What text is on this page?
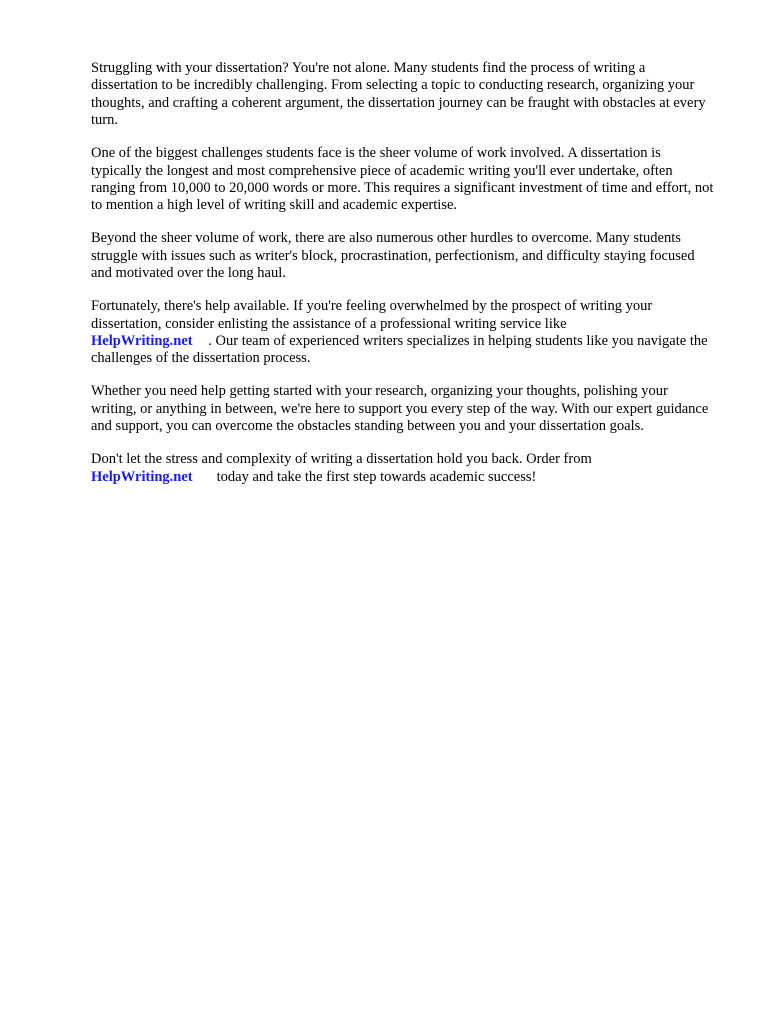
Struggling with your dissertation? You're not alone. Many students find the process of writing a dissertation to be incredibly challenging. From selecting a topic to conducting research, organizing your thoughts, and crafting a coherent argument, the dissertation journey can be fraught with obstacles at every turn.

One of the biggest challenges students face is the sheer volume of work involved. A dissertation is typically the longest and most comprehensive piece of academic writing you'll ever undertake, often ranging from 10,000 to 20,000 words or more. This requires a significant investment of time and effort, not to mention a high level of writing skill and academic expertise.

Beyond the sheer volume of work, there are also numerous other hurdles to overcome. Many students struggle with issues such as writer's block, procrastination, perfectionism, and difficulty staying focused and motivated over the long haul.

Fortunately, there's help available. If you're feeling overwhelmed by the prospect of writing your dissertation, consider enlisting the assistance of a professional writing service like
HelpWriting.net . Our team of experienced writers specializes in helping students like you navigate the challenges of the dissertation process.

Whether you need help getting started with your research, organizing your thoughts, polishing your writing, or anything in between, we're here to support you every step of the way. With our expert guidance and support, you can overcome the obstacles standing between you and your dissertation goals.

Don't let the stress and complexity of writing a dissertation hold you back. Order from
HelpWriting.net today and take the first step towards academic success!
